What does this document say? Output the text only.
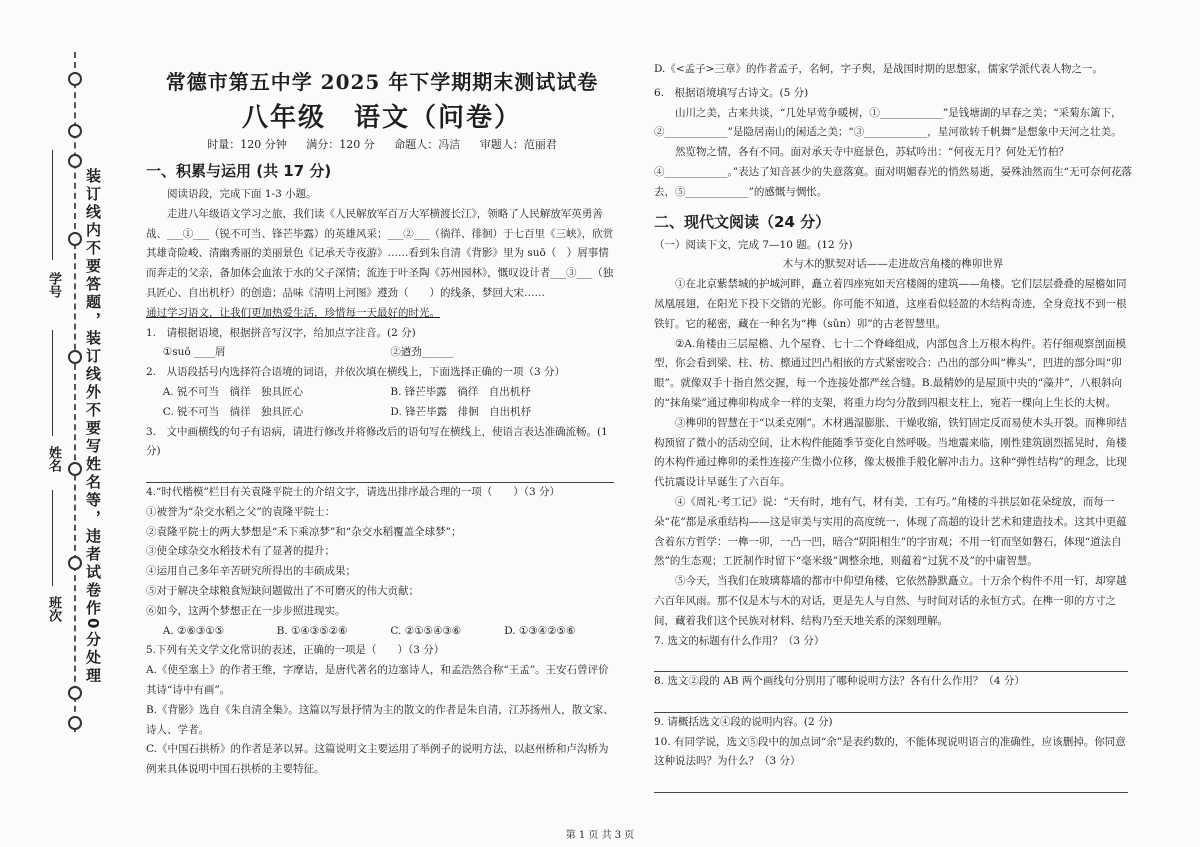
装订线内不要答题，装订线外不要写姓名等，违者试卷作0分处理
学号
姓名
班次
常德市第五中学 2025 年下学期期末测试试卷
八年级　语文（问卷）
时量：120 分钟 满分：120 分 命题人：冯洁 审题人：范丽君
一、积累与运用 (共 17 分)

阅读语段，完成下面 1-3 小题。

走进八年级语文学习之旅，我们读《人民解放军百万大军横渡长江》，领略了人民解放军英勇善战、___①___（锐不可当、锋芒毕露）的英雄风采；___②___（徜徉、徘徊）于七百里《三峡》，欣赏其雄奇险峻、清幽秀丽的美丽景色《记承天寺夜游》……看到朱自清《背影》里为 suō（　）屑事情而奔走的父亲，备加体会血浓于水的父子深情；流连于叶圣陶《苏州园林》，慨叹设计者___③___（独具匠心、自出机杼）的创造；品味《清明上河图》遵劲（　　）的线条，梦回大宋……

通过学习语文，让我们更加热爱生活，珍惜每一天最好的时光。

1.　请根据语境，根据拼音写汉字，给加点字注音。(2 分)

①suō ____屑	②遒劲______

2.　从语段括号内选择符合语境的词语，并依次填在横线上，下面选择正确的一项（3 分）

A. 锐不可当　徜徉　独具匠心	B. 锋芒毕露　徜徉　自出机杼
C. 锐不可当　徜徉　独具匠心	D. 锋芒毕露　徘徊　自出机杼

3.　文中画横线的句子有语病，请进行修改并将修改后的语句写在横线上，使语言表达准确流畅。(1 分)

4.“时代楷模”栏目有关袁隆平院士的介绍文字，请选出排序最合理的一项（　　）（3 分）

①被誉为“杂交水稻之父”的袁隆平院士：

②袁隆平院士的两大梦想是“禾下乘凉梦”和“杂交水稻覆盖全球梦”；

③使全球杂交水稻技术有了显著的提升；

④运用自己多年辛苦研究所得出的丰硕成果；

⑤对于解决全球粮食短缺问题做出了不可磨灭的伟大贡献；

⑥如今，这两个梦想正在一步步照进现实。

A. ②⑥③①⑤	B. ①④③⑤②⑥	C. ②①⑤④③⑥	D. ①③④②⑤⑥

5.下列有关文学文化常识的表述，正确的一项是（　　）（3 分）

A.《使至塞上》的作者王维，字摩诘，是唐代著名的边塞诗人，和孟浩然合称“王孟”。王安石曾评价其诗“诗中有画”。

B.《背影》选自《朱自清全集》。这篇以写景抒情为主的散文的作者是朱自清，江苏扬州人，散文家、诗人、学者。

C.《中国石拱桥》的作者是茅以昇。这篇说明文主要运用了举例子的说明方法，以赵州桥和卢沟桥为例来具体说明中国石拱桥的主要特征。

D.《<孟子>三章》的作者孟子，名轲，字子舆，是战国时期的思想家，儒家学派代表人物之一。

6.　根据语境填写古诗文。(5 分)

山川之美，古来共谈，“几处早莺争暖树，①____________”是钱塘湖的早春之美；“采菊东篱下，②____________”是隐居南山的闲适之美；“③____________，星河欲转千帆舞”是想象中天河之壮美。

然览物之情，各有不同。面对承天寺中庭景色，苏轼吟出：“何夜无月？何处无竹柏？④____________。”表达了知音甚少的失意落寞。面对明媚春光的悄然易逝，晏殊油然而生“无可奈何花落去，⑤____________”的感慨与惆怅。

二、现代文阅读（24 分）

（一）阅读下文，完成 7—10 题。(12 分)

木与木的默契对话——走进故宫角楼的榫卯世界

①在北京紫禁城的护城河畔，矗立着四座宛如天宫楼阁的建筑——角楼。它们层层叠叠的屋檐如同凤凰展翅，在阳光下投下交错的光影。你可能不知道，这座看似轻盈的木结构奇迹，全身竟找不到一根铁钉。它的秘密，藏在一种名为“榫（sǔn）卯”的古老智慧里。

②A.角楼由三层屋檐、九个屋脊、七十二个脊峰组成，内部包含上万根木构件。若仔细观察剖面模型，你会看到梁、柱、枋、檩通过凹凸相嵌的方式紧密咬合：凸出的部分叫“榫头”，凹进的部分叫“卯眼”。就像双手十指自然交握，每一个连接处都严丝合缝。B.最精妙的是屋顶中央的“藻井”，八根斜向的“抹角梁”通过榫卯构成伞一样的支架，将重力均匀分散到四根支柱上，宛若一棵向上生长的大树。

③榫卯的智慧在于“以柔克刚”。木材遇湿膨胀、干燥收缩，铁钉固定反而易使木头开裂。而榫卯结构预留了微小的活动空间，让木构件能随季节变化自然呼吸。当地震来临，刚性建筑剧烈摇晃时，角楼的木构件通过榫卯的柔性连接产生微小位移，像太极推手般化解冲击力。这种“弹性结构”的理念，比现代抗震设计早诞生了六百年。

④《周礼·考工记》说：“天有时，地有气，材有美，工有巧。”角楼的斗拱层如花朵绽放，而每一朵“花”都是承重结构——这是审美与实用的高度统一，体现了高超的设计艺术和建造技术。这其中更蕴含着东方哲学：一榫一卯，一凸一凹，暗合“阴阳相生”的宇宙观；不用一钉而坚如磐石，体现“道法自然”的生态观；工匠制作时留下“毫米级”调整余地，则蕴着“过犹不及”的中庸智慧。

⑤今天，当我们在玻璃幕墙的都市中仰望角楼，它依然静默矗立。十万余个构件不用一钉，却穿越六百年风雨。那不仅是木与木的对话，更是先人与自然、与时间对话的永恒方式。在榫一卯的方寸之间，藏着我们这个民族对材料、结构乃至天地关系的深刻理解。

7. 选文的标题有什么作用？（3 分）

8. 选文②段的 AB 两个画线句分别用了哪种说明方法？各有什么作用？（4 分）

9. 请概括选文④段的说明内容。(2 分)

10. 有同学说，选文⑤段中的加点词“余”是表约数的，不能体现说明语言的准确性，应该删掉。你同意这种说法吗？为什么？（3 分）

第 1 页 共 3 页
